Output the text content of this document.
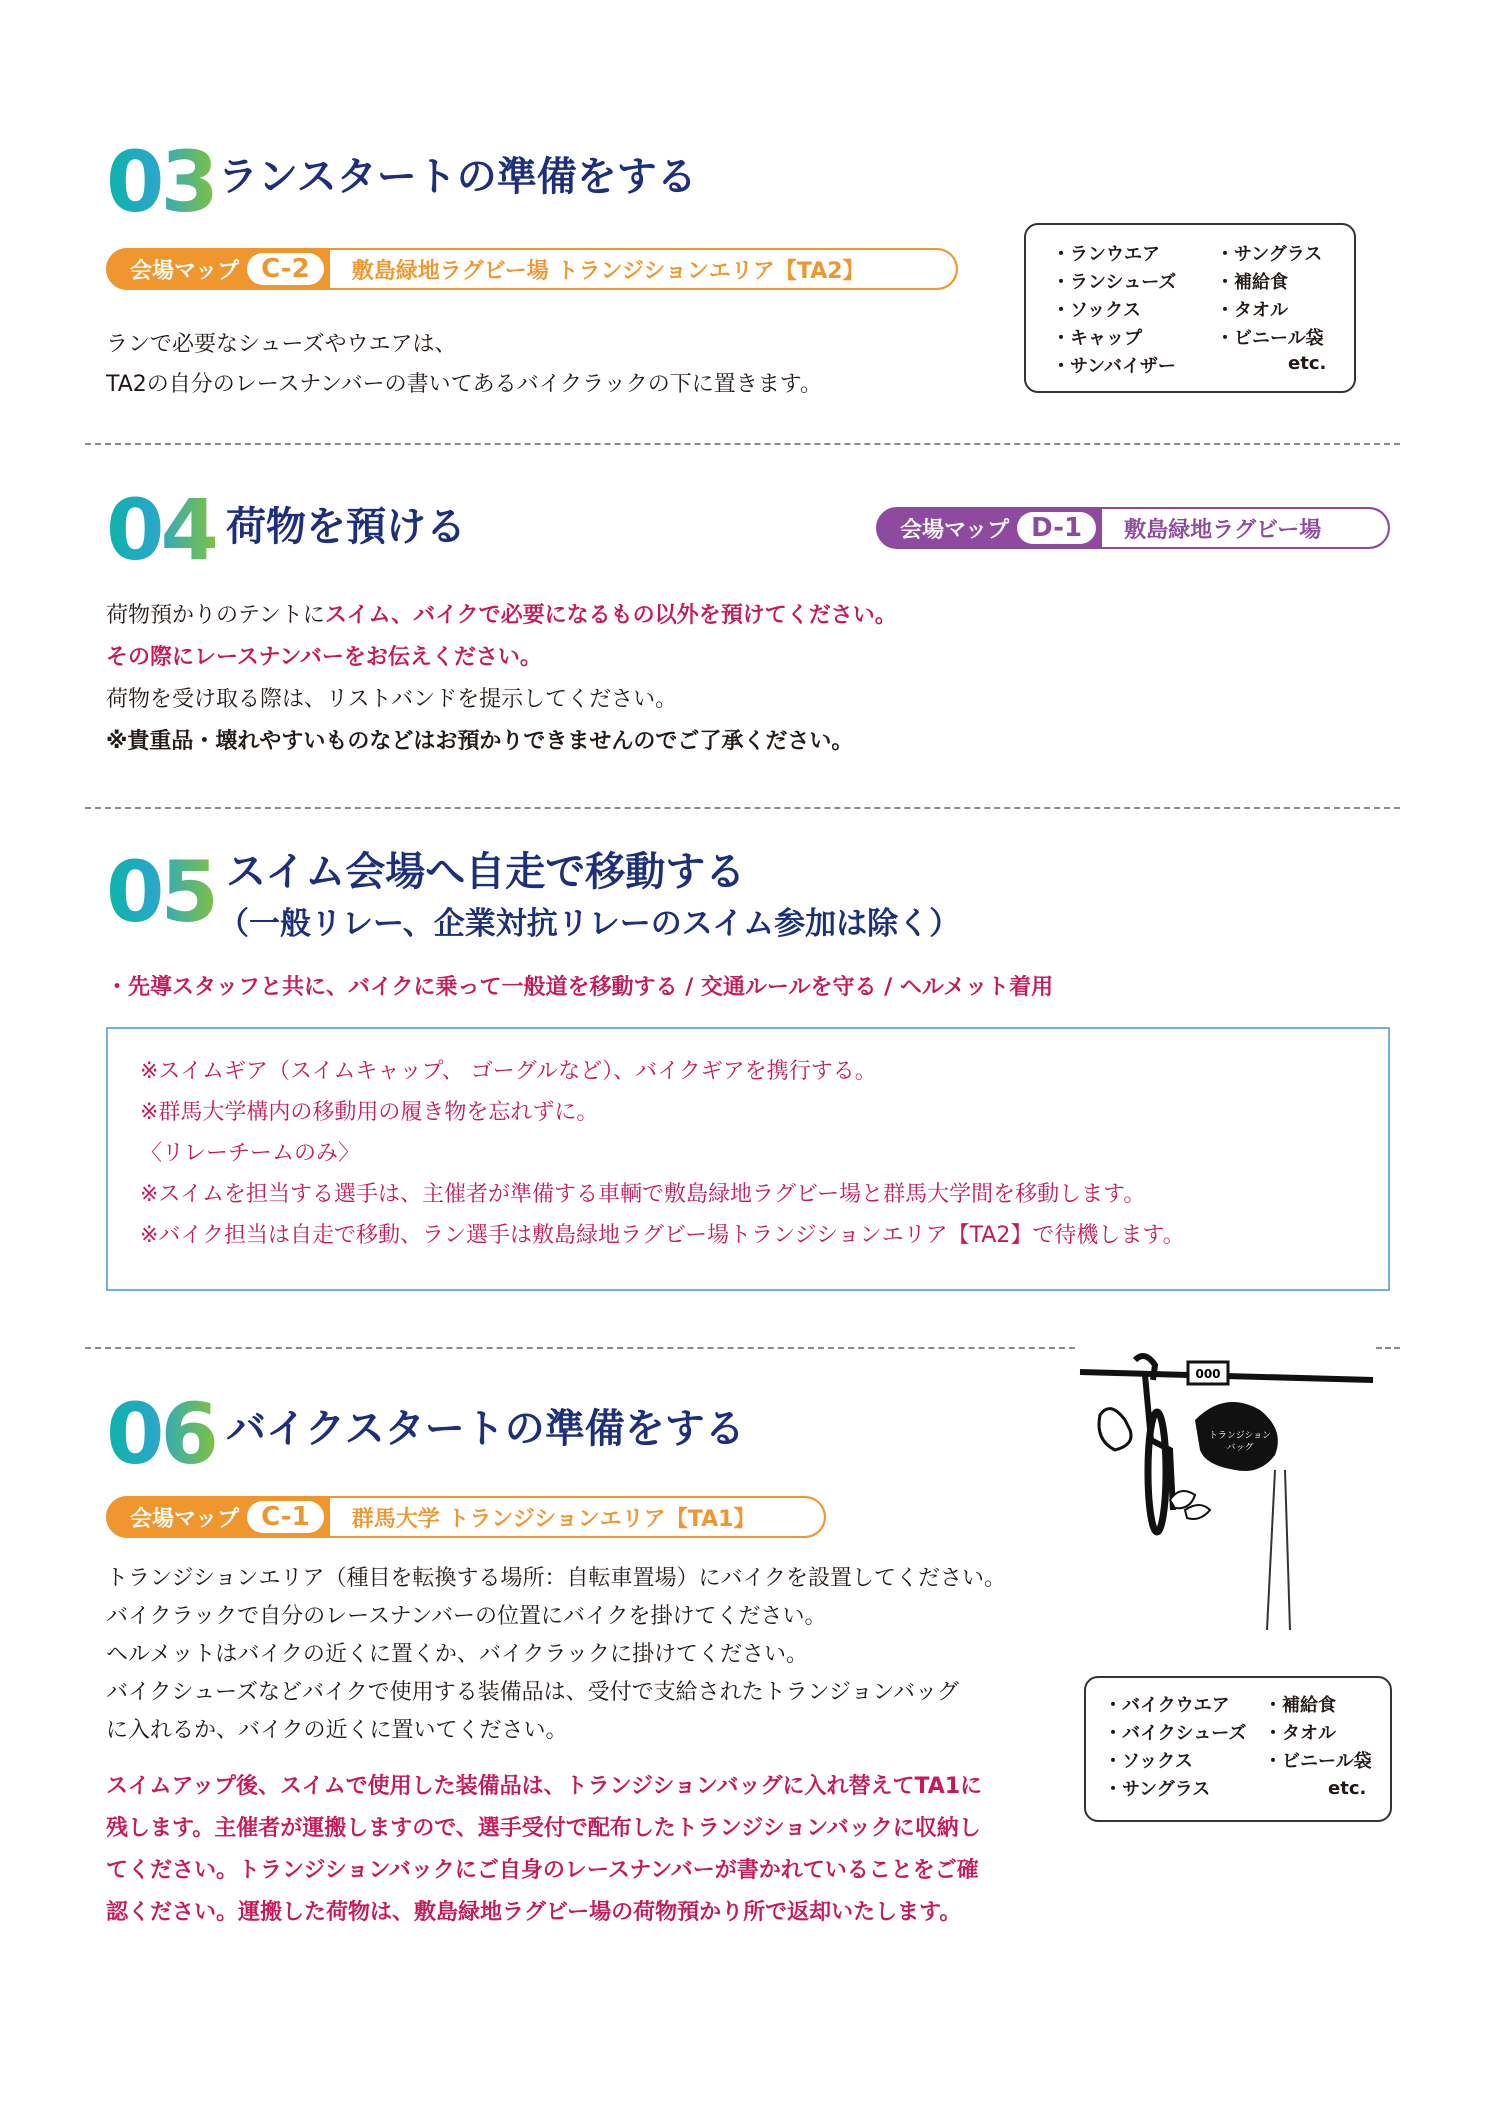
03 ランスタートの準備をする
会場マップ C-2	敷島緑地ラグビー場 トランジションエリア【TA2】
ランで必要なシューズやウエアは、
TA2の自分のレースナンバーの書いてあるバイクラックの下に置きます。
・ランウエア
・ランシューズ
・ソックス
・キャップ
・サンバイザー
・サングラス
・補給食
・タオル
・ビニール袋
etc.
04 荷物を預ける	会場マップ D-1	敷島緑地ラグビー場
荷物預かりのテントにスイム、バイクで必要になるもの以外を預けてください。
その際にレースナンバーをお伝えください。
荷物を受け取る際は、リストバンドを提示してください。
※貴重品・壊れやすいものなどはお預かりできませんのでご了承ください。
05 スイム会場へ自走で移動する
（一般リレー、企業対抗リレーのスイム参加は除く）
・先導スタッフと共に、バイクに乗って一般道を移動する / 交通ルールを守る / ヘルメット着用
※スイムギア（スイムキャップ、 ゴーグルなど）、バイクギアを携行する。
※群馬大学構内の移動用の履き物を忘れずに。
〈リレーチームのみ〉
※スイムを担当する選手は、主催者が準備する車輌で敷島緑地ラグビー場と群馬大学間を移動します。
※バイク担当は自走で移動、ラン選手は敷島緑地ラグビー場トランジションエリア【TA2】で待機します。
06 バイクスタートの準備をする
会場マップ C-1	群馬大学 トランジションエリア【TA1】
トランジションエリア（種目を転換する場所：自転車置場）にバイクを設置してください。
バイクラックで自分のレースナンバーの位置にバイクを掛けてください。
ヘルメットはバイクの近くに置くか、バイクラックに掛けてください。
バイクシューズなどバイクで使用する装備品は、受付で支給されたトランジョンバッグ
に入れるか、バイクの近くに置いてください。
スイムアップ後、スイムで使用した装備品は、トランジションバッグに入れ替えてTA1に
残します。主催者が運搬しますので、選手受付で配布したトランジションバックに収納し
てください。トランジションバックにご自身のレースナンバーが書かれていることをご確
認ください。運搬した荷物は、敷島緑地ラグビー場の荷物預かり所で返却いたします。
000
トランジション
バッグ
・バイクウエア
・バイクシューズ
・ソックス
・サングラス
・補給食
・タオル
・ビニール袋
etc.
